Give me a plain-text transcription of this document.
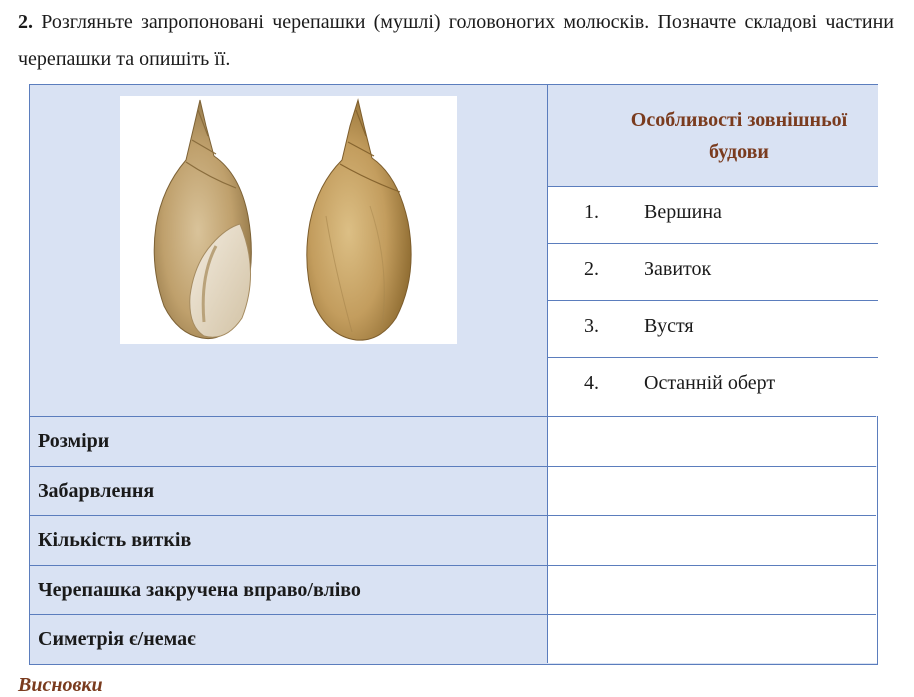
2. Розгляньте запропоновані черепашки (мушлі) головоногих молюсків. Позначте складові частини черепашки та опишіть її.
Особливості зовнішньої будови
1. Вершина
2. Завиток
3. Вустя
4. Останній оберт
Розміри
Забарвлення
Кількість витків
Черепашка закручена вправо/вліво
Симетрія є/немає
Висновки
